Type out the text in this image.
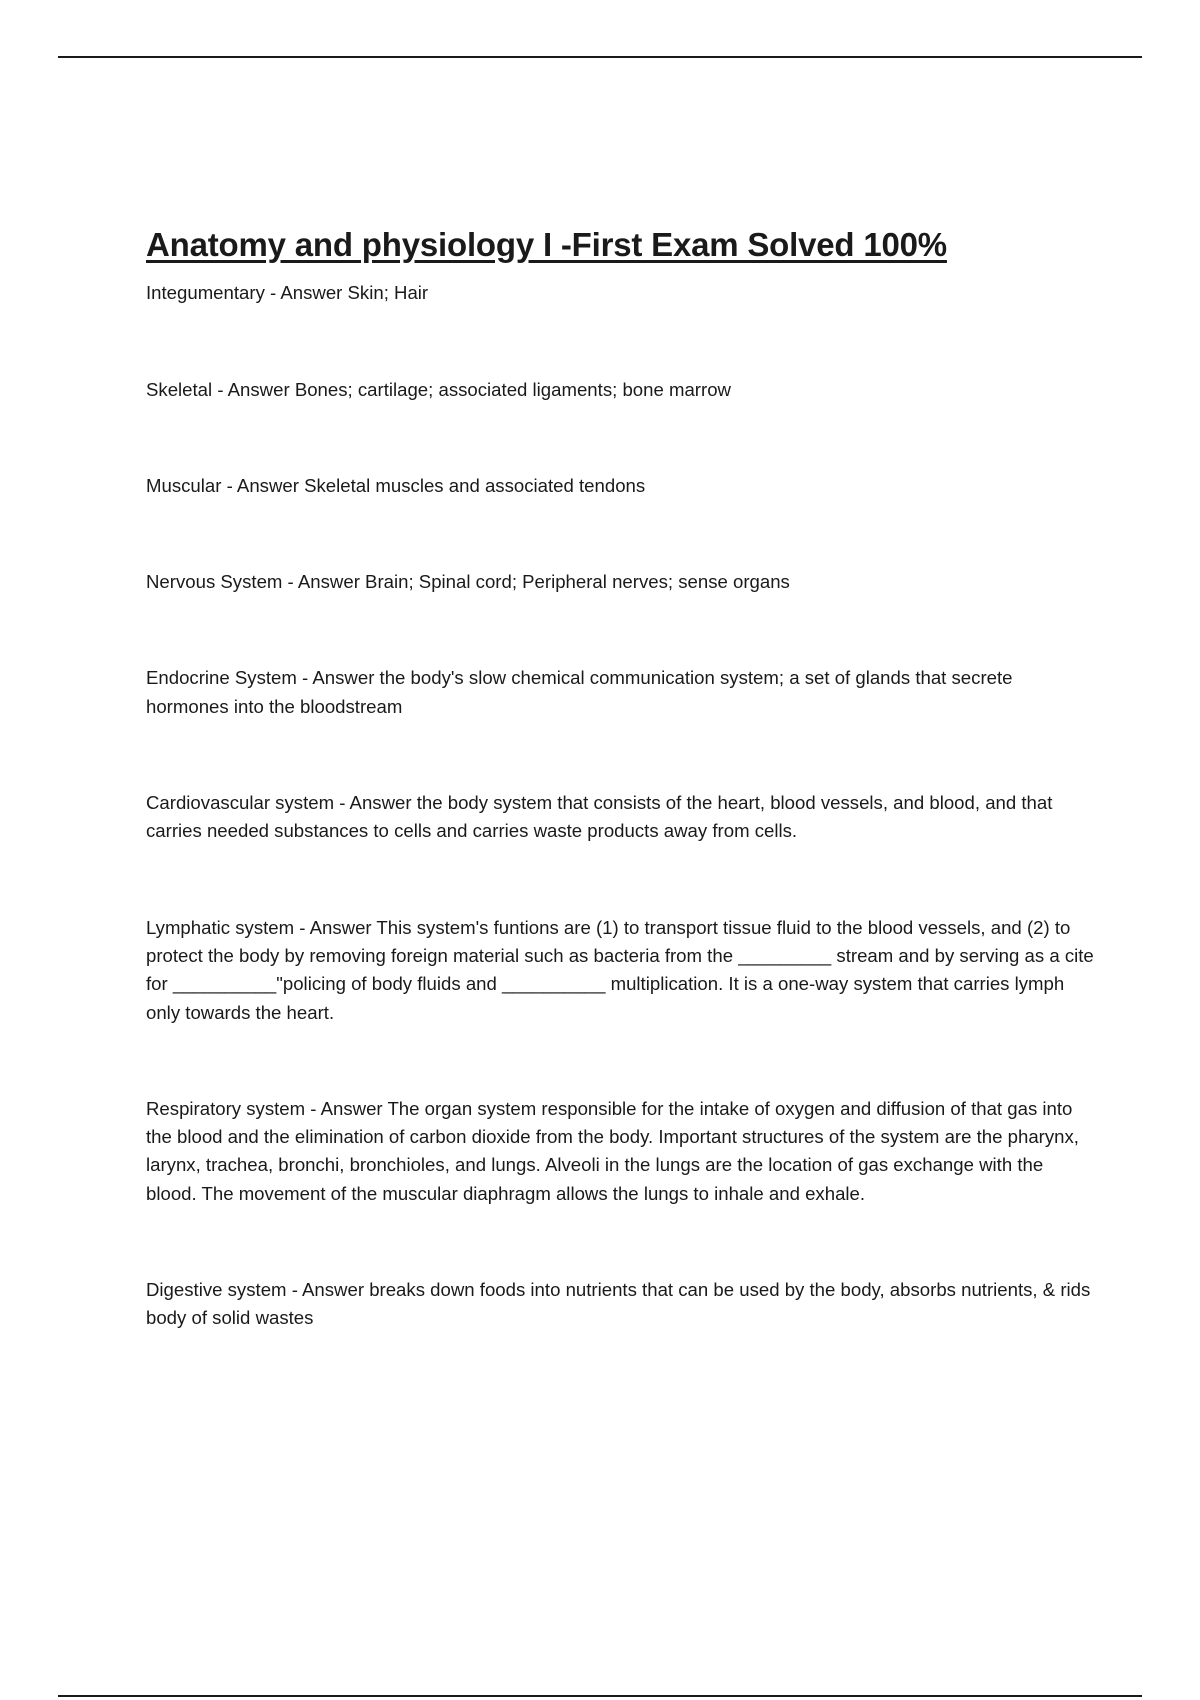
Anatomy and physiology I -First Exam Solved 100%

Integumentary - Answer Skin; Hair

Skeletal - Answer Bones; cartilage; associated ligaments; bone marrow

Muscular - Answer Skeletal muscles and associated tendons

Nervous System - Answer Brain; Spinal cord; Peripheral nerves; sense organs

Endocrine System - Answer the body's slow chemical communication system; a set of glands that secrete hormones into the bloodstream

Cardiovascular system - Answer the body system that consists of the heart, blood vessels, and blood, and that carries needed substances to cells and carries waste products away from cells.

Lymphatic system - Answer This system's funtions are (1) to transport tissue fluid to the blood vessels, and (2) to protect the body by removing foreign material such as bacteria from the _________ stream and by serving as a cite for __________"policing of body fluids and __________ multiplication. It is a one-way system that carries lymph only towards the heart.

Respiratory system - Answer The organ system responsible for the intake of oxygen and diffusion of that gas into the blood and the elimination of carbon dioxide from the body. Important structures of the system are the pharynx, larynx, trachea, bronchi, bronchioles, and lungs. Alveoli in the lungs are the location of gas exchange with the blood. The movement of the muscular diaphragm allows the lungs to inhale and exhale.

Digestive system - Answer breaks down foods into nutrients that can be used by the body, absorbs nutrients, & rids body of solid wastes
